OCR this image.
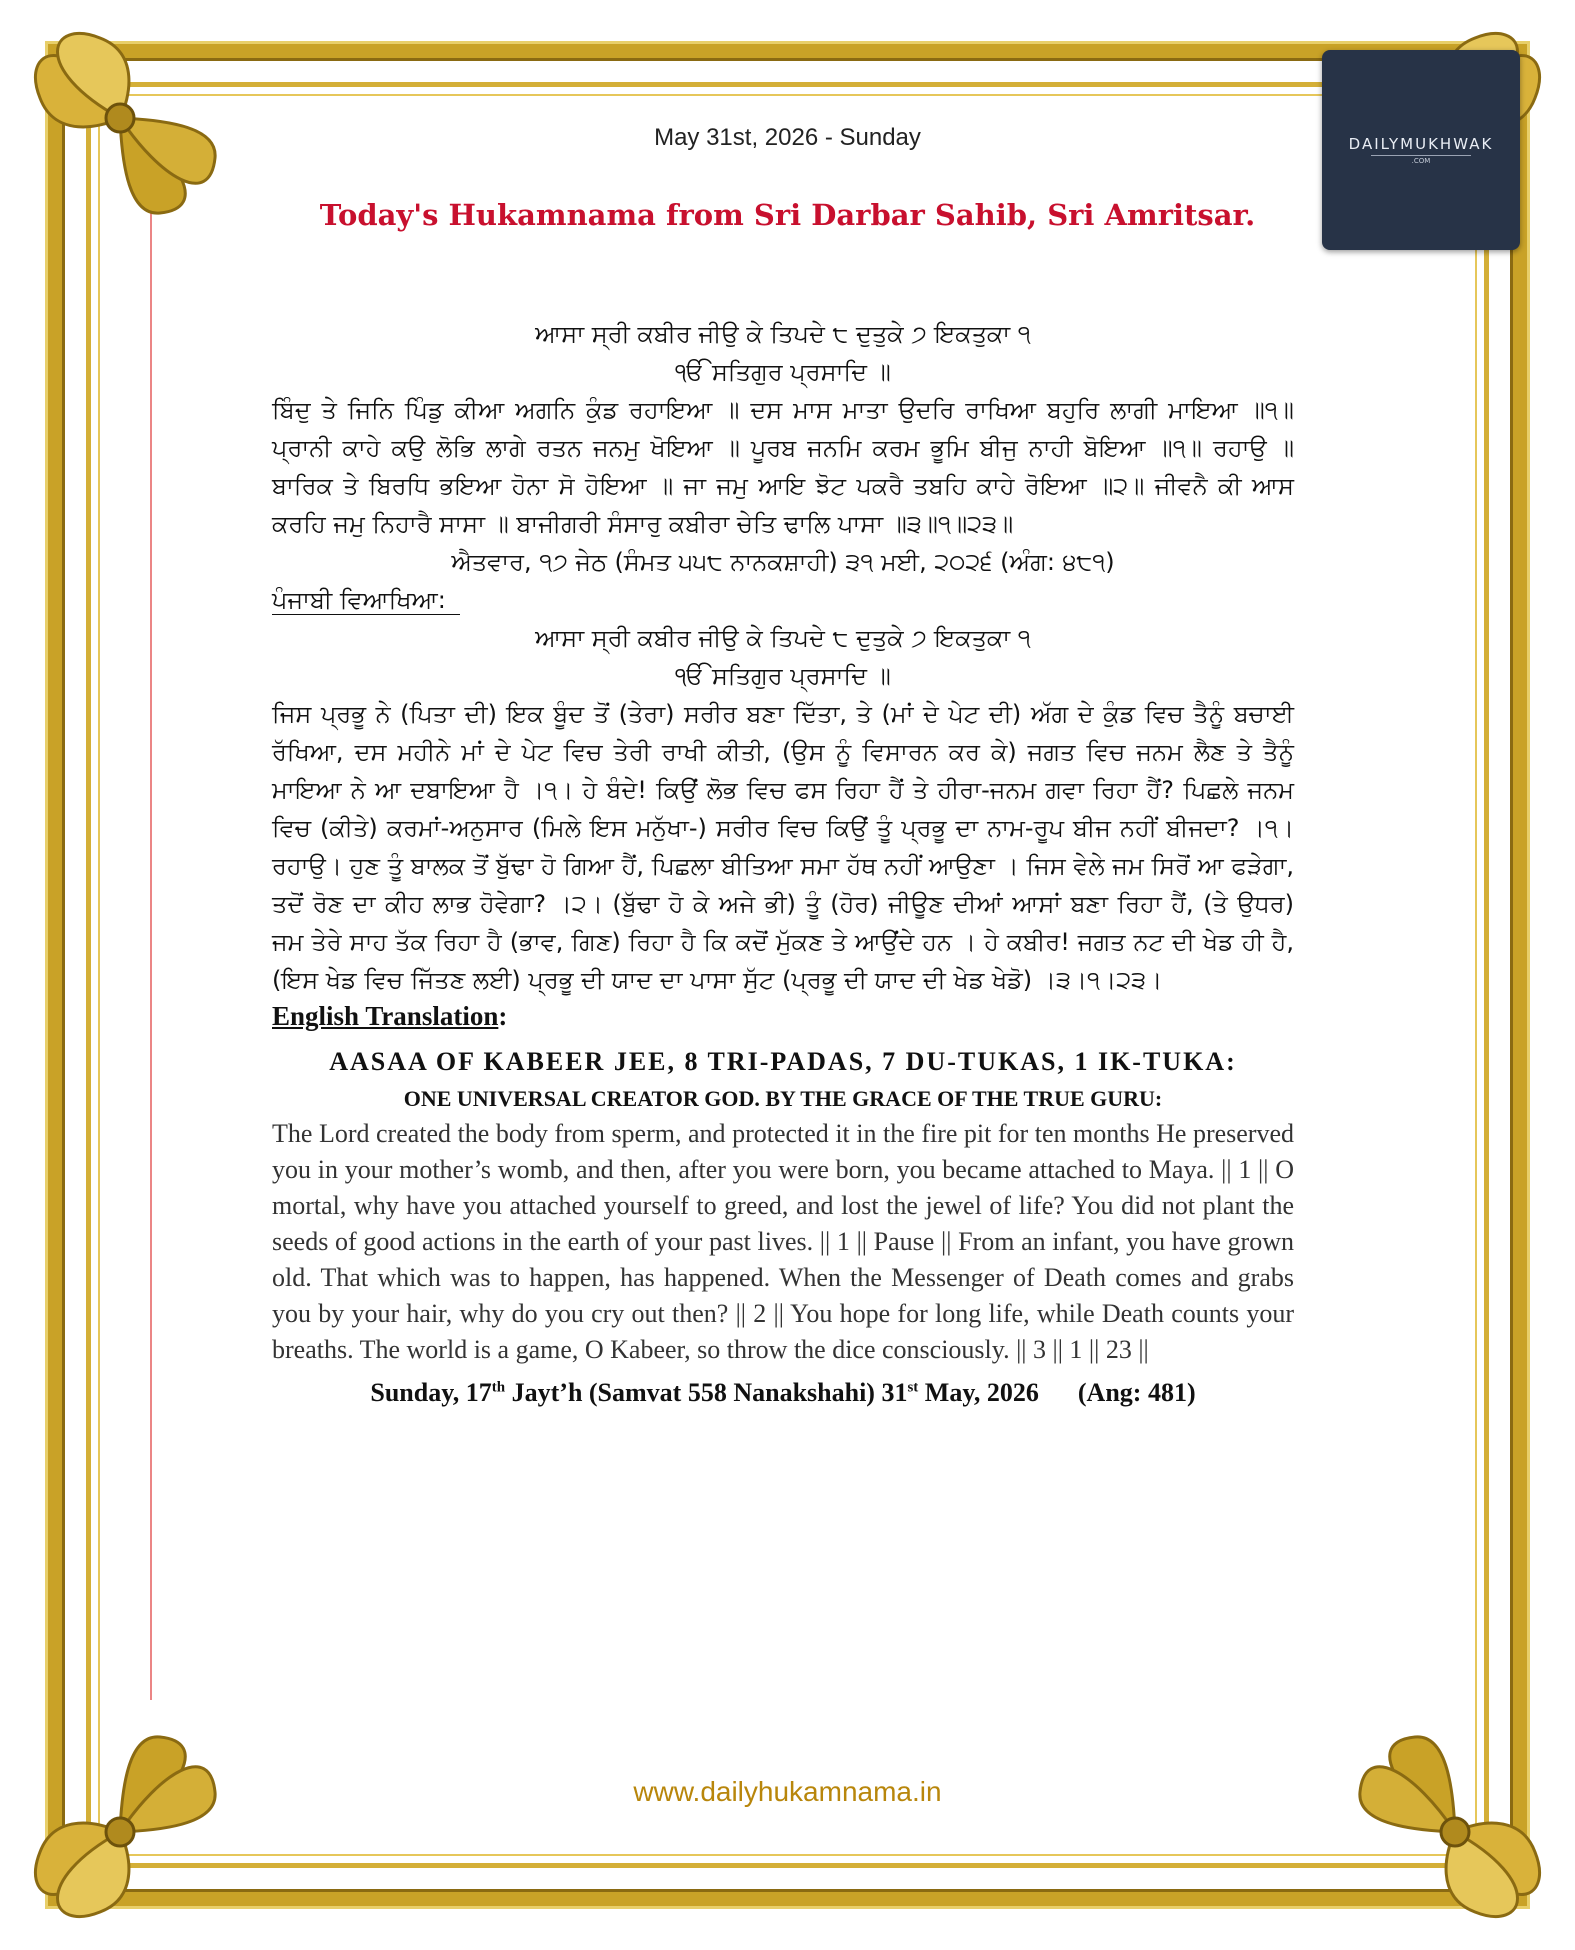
DAILYMUKHWAK
.COM
May 31st, 2026 - Sunday
Today's Hukamnama from Sri Darbar Sahib, Sri Amritsar.
ਆਸਾ ਸ੍ਰੀ ਕਬੀਰ ਜੀਉ ਕੇ ਤਿਪਦੇ ੮ ਦੁਤੁਕੇ ੭ ਇਕਤੁਕਾ ੧
ੴ ਸਤਿਗੁਰ ਪ੍ਰਸਾਦਿ ॥
ਬਿੰਦੁ ਤੇ ਜਿਨਿ ਪਿੰਡੁ ਕੀਆ ਅਗਨਿ ਕੁੰਡ ਰਹਾਇਆ ॥ ਦਸ ਮਾਸ ਮਾਤਾ ਉਦਰਿ ਰਾਖਿਆ ਬਹੁਰਿ ਲਾਗੀ ਮਾਇਆ ॥੧॥ ਪ੍ਰਾਨੀ ਕਾਹੇ ਕਉ ਲੋਭਿ ਲਾਗੇ ਰਤਨ ਜਨਮੁ ਖੋਇਆ ॥ ਪੂਰਬ ਜਨਮਿ ਕਰਮ ਭੂਮਿ ਬੀਜੁ ਨਾਹੀ ਬੋਇਆ ॥੧॥ ਰਹਾਉ ॥ ਬਾਰਿਕ ਤੇ ਬਿਰਧਿ ਭਇਆ ਹੋਨਾ ਸੋ ਹੋਇਆ ॥ ਜਾ ਜਮੁ ਆਇ ਝੋਟ ਪਕਰੈ ਤਬਹਿ ਕਾਹੇ ਰੋਇਆ ॥੨॥ ਜੀਵਨੈ ਕੀ ਆਸ ਕਰਹਿ ਜਮੁ ਨਿਹਾਰੈ ਸਾਸਾ ॥ ਬਾਜੀਗਰੀ ਸੰਸਾਰੁ ਕਬੀਰਾ ਚੇਤਿ ਢਾਲਿ ਪਾਸਾ ॥੩॥੧॥੨੩॥
ਐਤਵਾਰ, ੧੭ ਜੇਠ (ਸੰਮਤ ੫੫੮ ਨਾਨਕਸ਼ਾਹੀ) ੩੧ ਮਈ, ੨੦੨੬ (ਅੰਗ: ੪੮੧)
ਪੰਜਾਬੀ ਵਿਆਖਿਆ:
ਆਸਾ ਸ੍ਰੀ ਕਬੀਰ ਜੀਉ ਕੇ ਤਿਪਦੇ ੮ ਦੁਤੁਕੇ ੭ ਇਕਤੁਕਾ ੧
ੴ ਸਤਿਗੁਰ ਪ੍ਰਸਾਦਿ ॥
ਜਿਸ ਪ੍ਰਭੂ ਨੇ (ਪਿਤਾ ਦੀ) ਇਕ ਬੂੰਦ ਤੋਂ (ਤੇਰਾ) ਸਰੀਰ ਬਣਾ ਦਿੱਤਾ, ਤੇ (ਮਾਂ ਦੇ ਪੇਟ ਦੀ) ਅੱਗ ਦੇ ਕੁੰਡ ਵਿਚ ਤੈਨੂੰ ਬਚਾਈ ਰੱਖਿਆ, ਦਸ ਮਹੀਨੇ ਮਾਂ ਦੇ ਪੇਟ ਵਿਚ ਤੇਰੀ ਰਾਖੀ ਕੀਤੀ, (ਉਸ ਨੂੰ ਵਿਸਾਰਨ ਕਰ ਕੇ) ਜਗਤ ਵਿਚ ਜਨਮ ਲੈਣ ਤੇ ਤੈਨੂੰ ਮਾਇਆ ਨੇ ਆ ਦਬਾਇਆ ਹੈ ।੧। ਹੇ ਬੰਦੇ! ਕਿਉਂ ਲੋਭ ਵਿਚ ਫਸ ਰਿਹਾ ਹੈਂ ਤੇ ਹੀਰਾ-ਜਨਮ ਗਵਾ ਰਿਹਾ ਹੈਂ? ਪਿਛਲੇ ਜਨਮ ਵਿਚ (ਕੀਤੇ) ਕਰਮਾਂ-ਅਨੁਸਾਰ (ਮਿਲੇ ਇਸ ਮਨੁੱਖਾ-) ਸਰੀਰ ਵਿਚ ਕਿਉਂ ਤੂੰ ਪ੍ਰਭੂ ਦਾ ਨਾਮ-ਰੂਪ ਬੀਜ ਨਹੀਂ ਬੀਜਦਾ? ।੧।ਰਹਾਉ। ਹੁਣ ਤੂੰ ਬਾਲਕ ਤੋਂ ਬੁੱਢਾ ਹੋ ਗਿਆ ਹੈਂ, ਪਿਛਲਾ ਬੀਤਿਆ ਸਮਾ ਹੱਥ ਨਹੀਂ ਆਉਣਾ । ਜਿਸ ਵੇਲੇ ਜਮ ਸਿਰੋਂ ਆ ਫੜੇਗਾ, ਤਦੋਂ ਰੋਣ ਦਾ ਕੀਹ ਲਾਭ ਹੋਵੇਗਾ? ।੨। (ਬੁੱਢਾ ਹੋ ਕੇ ਅਜੇ ਭੀ) ਤੂੰ (ਹੋਰ) ਜੀਊਣ ਦੀਆਂ ਆਸਾਂ ਬਣਾ ਰਿਹਾ ਹੈਂ, (ਤੇ ਉਧਰ) ਜਮ ਤੇਰੇ ਸਾਹ ਤੱਕ ਰਿਹਾ ਹੈ (ਭਾਵ, ਗਿਣ) ਰਿਹਾ ਹੈ ਕਿ ਕਦੋਂ ਮੁੱਕਣ ਤੇ ਆਉਂਦੇ ਹਨ । ਹੇ ਕਬੀਰ! ਜਗਤ ਨਟ ਦੀ ਖੇਡ ਹੀ ਹੈ, (ਇਸ ਖੇਡ ਵਿਚ ਜਿੱਤਣ ਲਈ) ਪ੍ਰਭੂ ਦੀ ਯਾਦ ਦਾ ਪਾਸਾ ਸੁੱਟ (ਪ੍ਰਭੂ ਦੀ ਯਾਦ ਦੀ ਖੇਡ ਖੇਡੋ) ।੩।੧।੨੩।
English Translation:
AASAA OF KABEER JEE, 8 TRI-PADAS, 7 DU-TUKAS, 1 IK-TUKA:
ONE UNIVERSAL CREATOR GOD. BY THE GRACE OF THE TRUE GURU:
The Lord created the body from sperm, and protected it in the fire pit for ten months He preserved you in your mother’s womb, and then, after you were born, you became attached to Maya. || 1 || O mortal, why have you attached yourself to greed, and lost the jewel of life? You did not plant the seeds of good actions in the earth of your past lives. || 1 || Pause || From an infant, you have grown old. That which was to happen, has happened. When the Messenger of Death comes and grabs you by your hair, why do you cry out then? || 2 || You hope for long life, while Death counts your breaths. The world is a game, O Kabeer, so throw the dice consciously. || 3 || 1 || 23 ||
Sunday, 17th Jayt’h (Samvat 558 Nanakshahi) 31st May, 2026      (Ang: 481)
www.dailyhukamnama.in
